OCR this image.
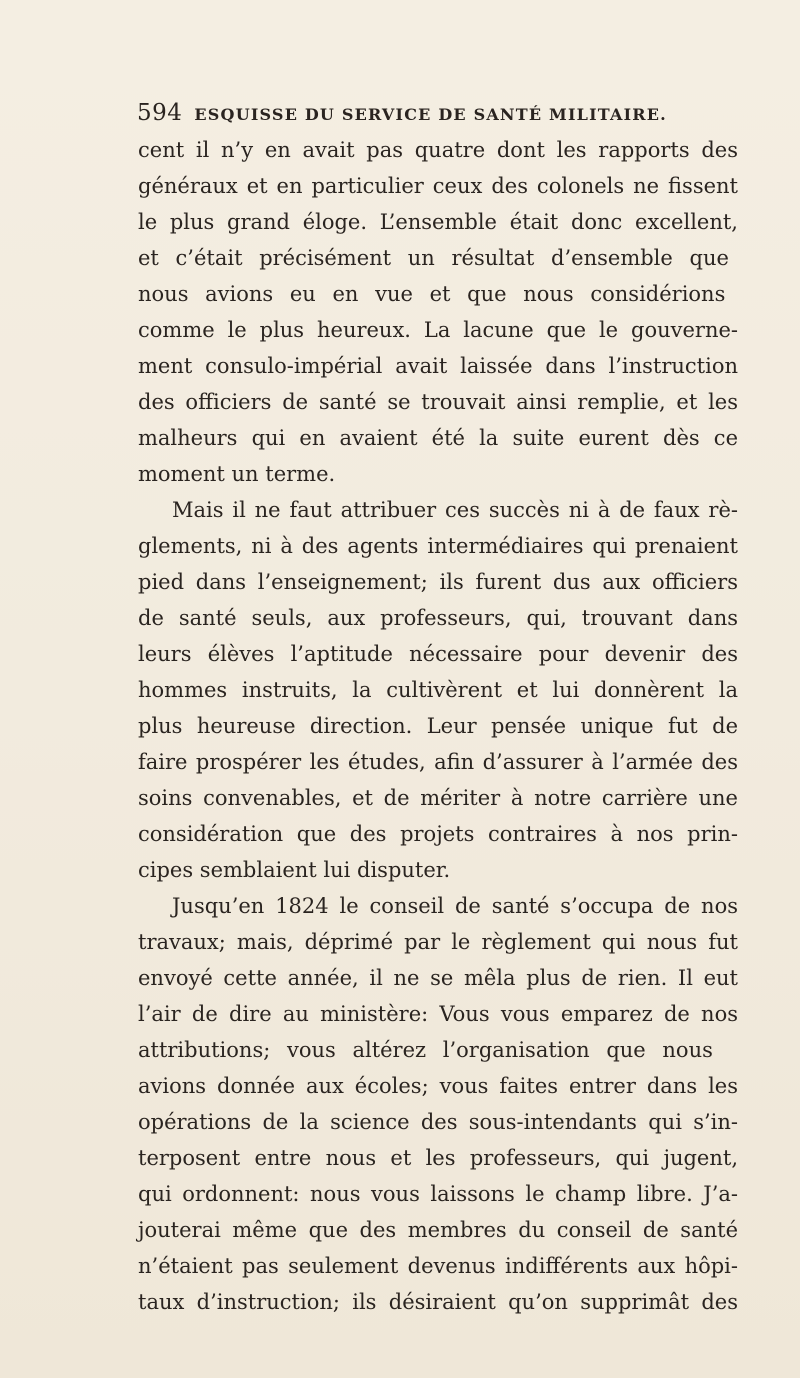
594 ESQUISSE DU SERVICE DE SANTÉ MILITAIRE.
cent il n’y en avait pas quatre dont les rapports des
généraux et en particulier ceux des colonels ne fissent
le plus grand éloge. L’ensemble était donc excellent,
et c’était précisément un résultat d’ensemble que
nous avions eu en vue et que nous considérions
comme le plus heureux. La lacune que le gouverne-
ment consulo-impérial avait laissée dans l’instruction
des officiers de santé se trouvait ainsi remplie, et les
malheurs qui en avaient été la suite eurent dès ce
moment un terme.
Mais il ne faut attribuer ces succès ni à de faux rè-
glements, ni à des agents intermédiaires qui prenaient
pied dans l’enseignement; ils furent dus aux officiers
de santé seuls, aux professeurs, qui, trouvant dans
leurs élèves l’aptitude nécessaire pour devenir des
hommes instruits, la cultivèrent et lui donnèrent la
plus heureuse direction. Leur pensée unique fut de
faire prospérer les études, afin d’assurer à l’armée des
soins convenables, et de mériter à notre carrière une
considération que des projets contraires à nos prin-
cipes semblaient lui disputer.
Jusqu’en 1824 le conseil de santé s’occupa de nos
travaux; mais, déprimé par le règlement qui nous fut
envoyé cette année, il ne se mêla plus de rien. Il eut
l’air de dire au ministère: Vous vous emparez de nos
attributions; vous altérez l’organisation que nous
avions donnée aux écoles; vous faites entrer dans les
opérations de la science des sous-intendants qui s’in-
terposent entre nous et les professeurs, qui jugent,
qui ordonnent: nous vous laissons le champ libre. J’a-
jouterai même que des membres du conseil de santé
n’étaient pas seulement devenus indifférents aux hôpi-
taux d’instruction; ils désiraient qu’on supprimât des
